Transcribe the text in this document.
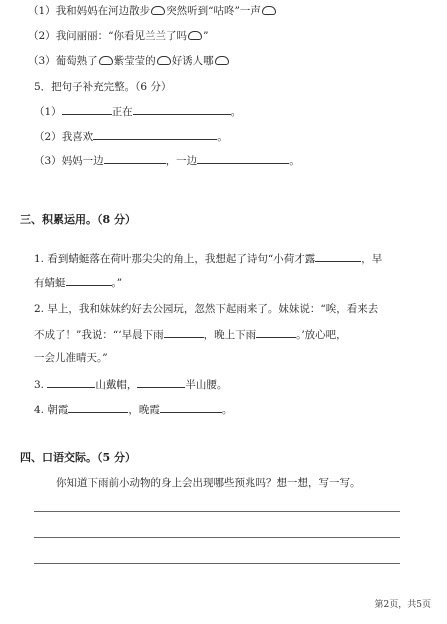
（1）我和妈妈在河边散步 突然听到“咕咚”一声
（2）我问丽丽：“你看见兰兰了吗 ”
（3）葡萄熟了 紫莹莹的 好诱人哪
5．把句子补充完整。（6 分）
（1）	正在	。
（2）我喜欢	。
（3）妈妈一边	，一边	。
三、积累运用。（8 分）
1. 看到蜻蜓落在荷叶那尖尖的角上，我想起了诗句“小荷才露	，早
有蜻蜓	。”
2. 早上，我和妹妹约好去公园玩，忽然下起雨来了。妹妹说：“唉，看来去
不成了！”我说：“‘早晨下雨	，晚上下雨	。’放心吧，
一会儿准晴天。”
3.	山戴帽，	半山腰。
4. 朝霞	，晚霞	。
四、口语交际。（5 分）
你知道下雨前小动物的身上会出现哪些预兆吗？想一想，写一写。
第2页，共5页
